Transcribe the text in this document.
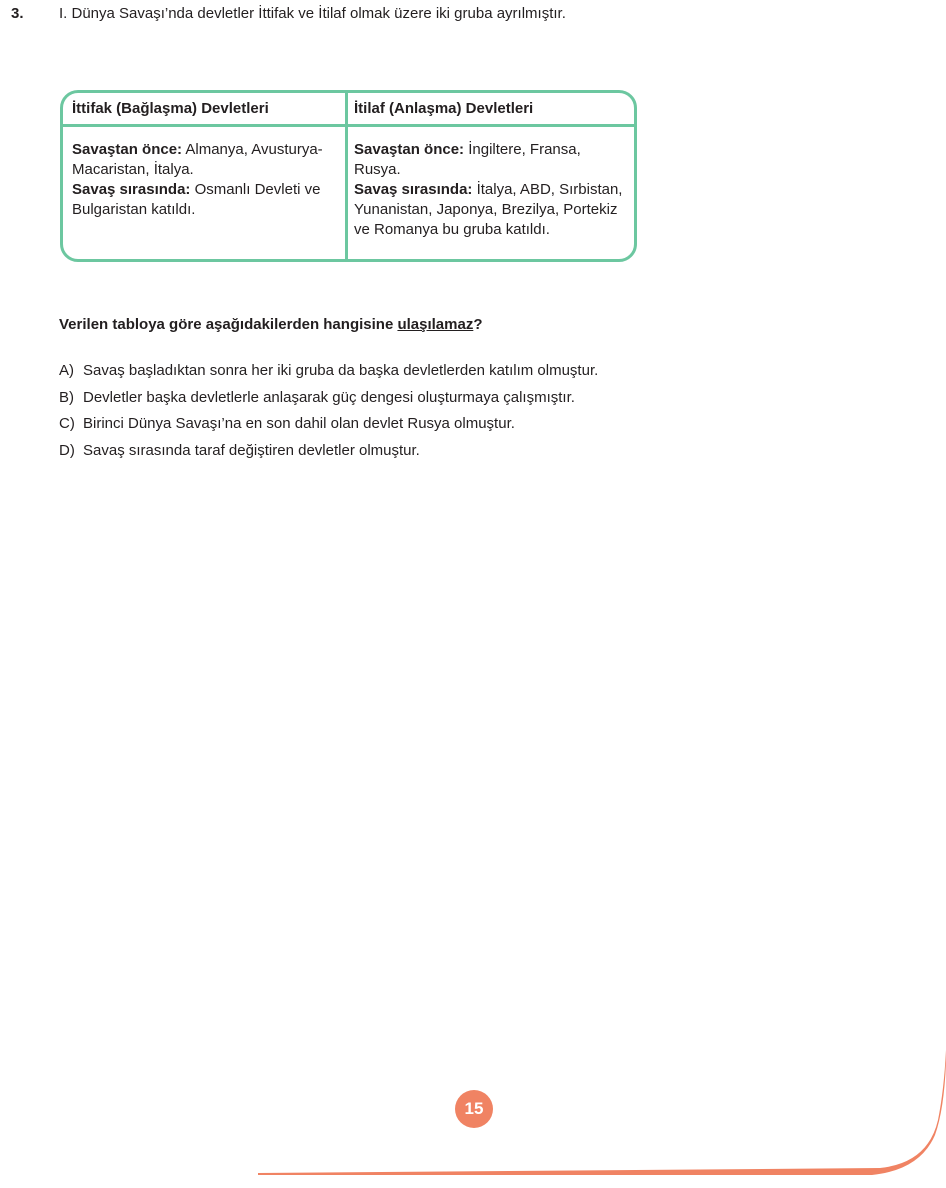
3. I. Dünya Savaşı’nda devletler İttifak ve İtilaf olmak üzere iki gruba ayrılmıştır.
İttifak (Bağlaşma) Devletleri	İtilaf (Anlaşma) Devletleri
Savaştan önce: Almanya, Avusturya-Macaristan, İtalya.
Savaş sırasında: Osmanlı Devleti ve Bulgaristan katıldı.
Savaştan önce: İngiltere, Fransa, Rusya.
Savaş sırasında: İtalya, ABD, Sırbistan, Yunanistan, Japonya, Brezilya, Portekiz ve Romanya bu gruba katıldı.
Verilen tabloya göre aşağıdakilerden hangisine ulaşılamaz?
A) Savaş başladıktan sonra her iki gruba da başka devletlerden katılım olmuştur.
B) Devletler başka devletlerle anlaşarak güç dengesi oluşturmaya çalışmıştır.
C) Birinci Dünya Savaşı’na en son dahil olan devlet Rusya olmuştur.
D) Savaş sırasında taraf değiştiren devletler olmuştur.
15
